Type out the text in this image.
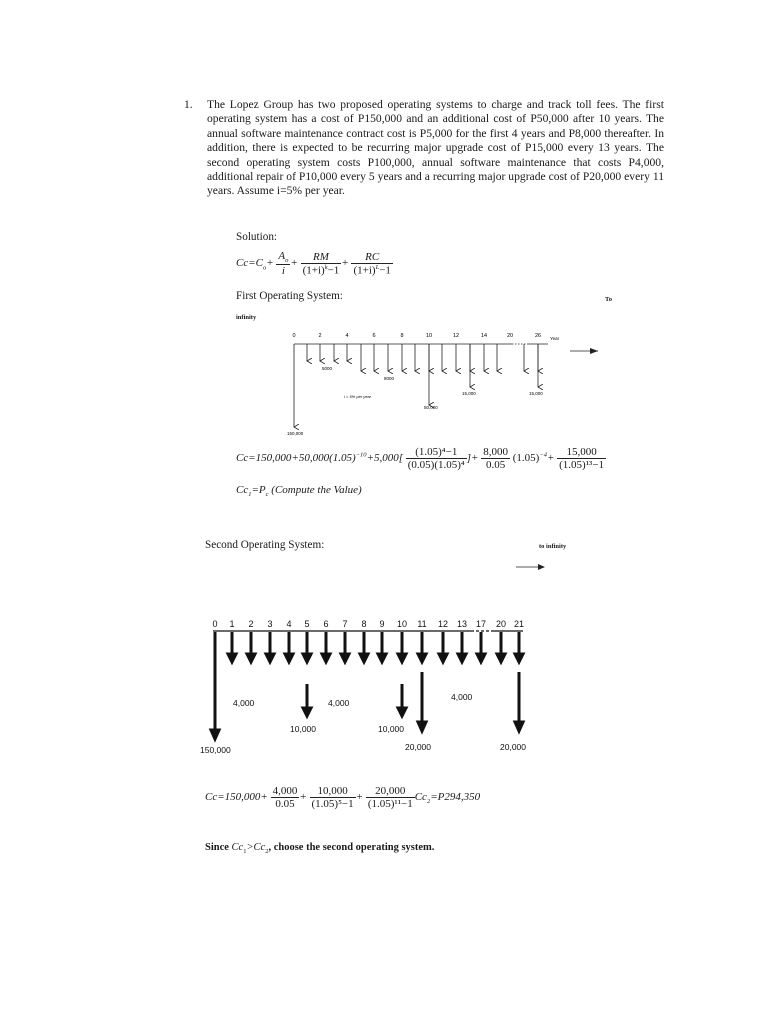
1. The Lopez Group has two proposed operating systems to charge and track toll fees. The first operating system has a cost of P150,000 and an additional cost of P50,000 after 10 years. The annual software maintenance contract cost is P5,000 for the first 4 years and P8,000 thereafter. In addition, there is expected to be recurring major upgrade cost of P15,000 every 13 years. The second operating system costs P100,000, annual software maintenance that costs P4,000, additional repair of P10,000 every 5 years and a recurring major upgrade cost of P20,000 every 11 years. Assume i=5% per year.
Solution:
$Cc=C_o+ \frac{A_o}{i} + \frac{RM}{(1+i)^k-1} + \frac{RC}{(1+i)^L-1}$
First Operating System:	To
infinity
0	2	4	6	8	10	12	14	20	26 Year
150,000
5000
8000
i = 5% per year
50,000
15,000	15,000
$Cc=150,000+50,000(1.05)^{-10}+5,000[ \frac{\text{(1.05)⁴−1}}{\text{(0.05)(1.05)⁴}}$ ]+ $\frac{8,000}{0.05} (1.05)^{-4}+ \frac{15,000}{\text{(1.05)¹³−1}}$
$Cc_1=P_c$ (Compute the Value)
Second Operating System:	to infinity
0 1 2 3 4 5 6 7 8 9 10 11 12 13 17 20 21
4,000	4,000
4,000
10,000	10,000
20,000	20,000
150,000
$Cc=150,000+ \frac{4,000}{0.05} + \frac{10,000}{\text{(1.05)⁵−1}} + \frac{20,000}{\text{(1.05)¹¹−1}} Cc_2=P294,350$
Since $Cc_1>Cc_2$, choose the second operating system.
